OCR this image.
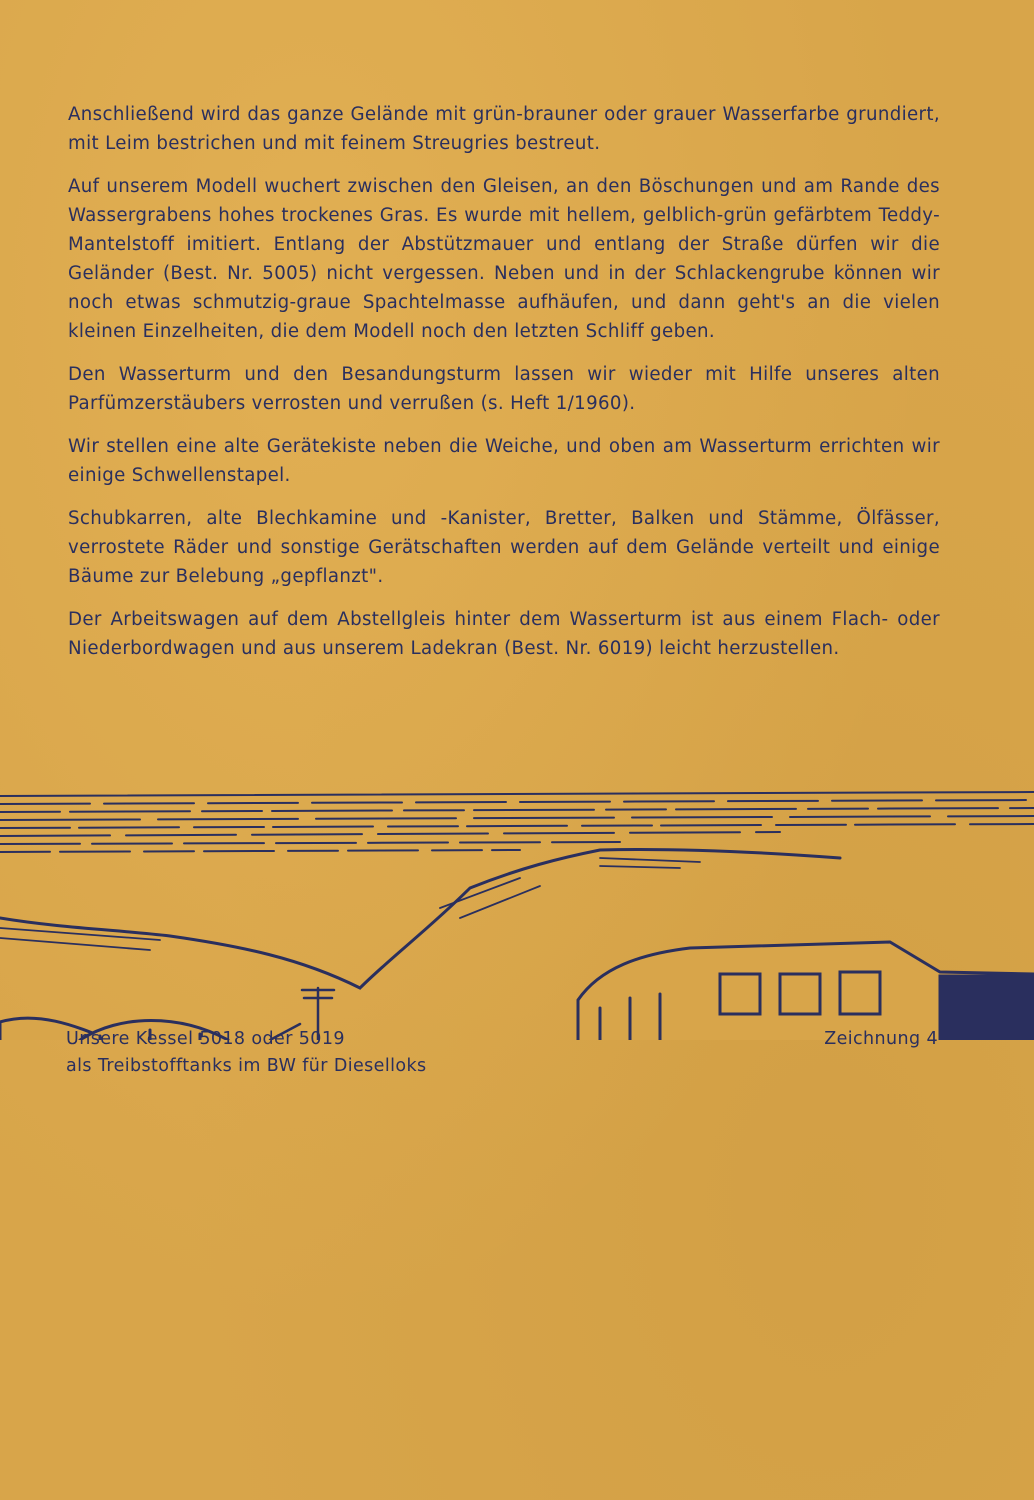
Anschließend wird das ganze Gelände mit grün-brauner oder grauer Wasserfarbe grundiert, mit Leim bestrichen und mit feinem Streugries bestreut.

Auf unserem Modell wuchert zwischen den Gleisen, an den Böschungen und am Rande des Wassergrabens hohes trockenes Gras. Es wurde mit hellem, gelblich-grün gefärbtem Teddy-Mantelstoff imitiert. Entlang der Abstützmauer und entlang der Straße dürfen wir die Geländer (Best. Nr. 5005) nicht vergessen. Neben und in der Schlackengrube können wir noch etwas schmutzig-graue Spachtelmasse aufhäufen, und dann geht's an die vielen kleinen Einzelheiten, die dem Modell noch den letzten Schliff geben.

Den Wasserturm und den Besandungsturm lassen wir wieder mit Hilfe unseres alten Parfümzerstäubers verrosten und verrußen (s. Heft 1/1960).

Wir stellen eine alte Gerätekiste neben die Weiche, und oben am Wasserturm errichten wir einige Schwellenstapel.

Schubkarren, alte Blechkamine und -Kanister, Bretter, Balken und Stämme, Ölfässer, verrostete Räder und sonstige Gerätschaften werden auf dem Gelände verteilt und einige Bäume zur Belebung „gepflanzt".

Der Arbeitswagen auf dem Abstellgleis hinter dem Wasserturm ist aus einem Flach- oder Niederbordwagen und aus unserem Ladekran (Best. Nr. 6019) leicht herzustellen.

Unsere Kessel 5018 oder 5019
als Treibstofftanks im BW für Dieselloks
Zeichnung 4
